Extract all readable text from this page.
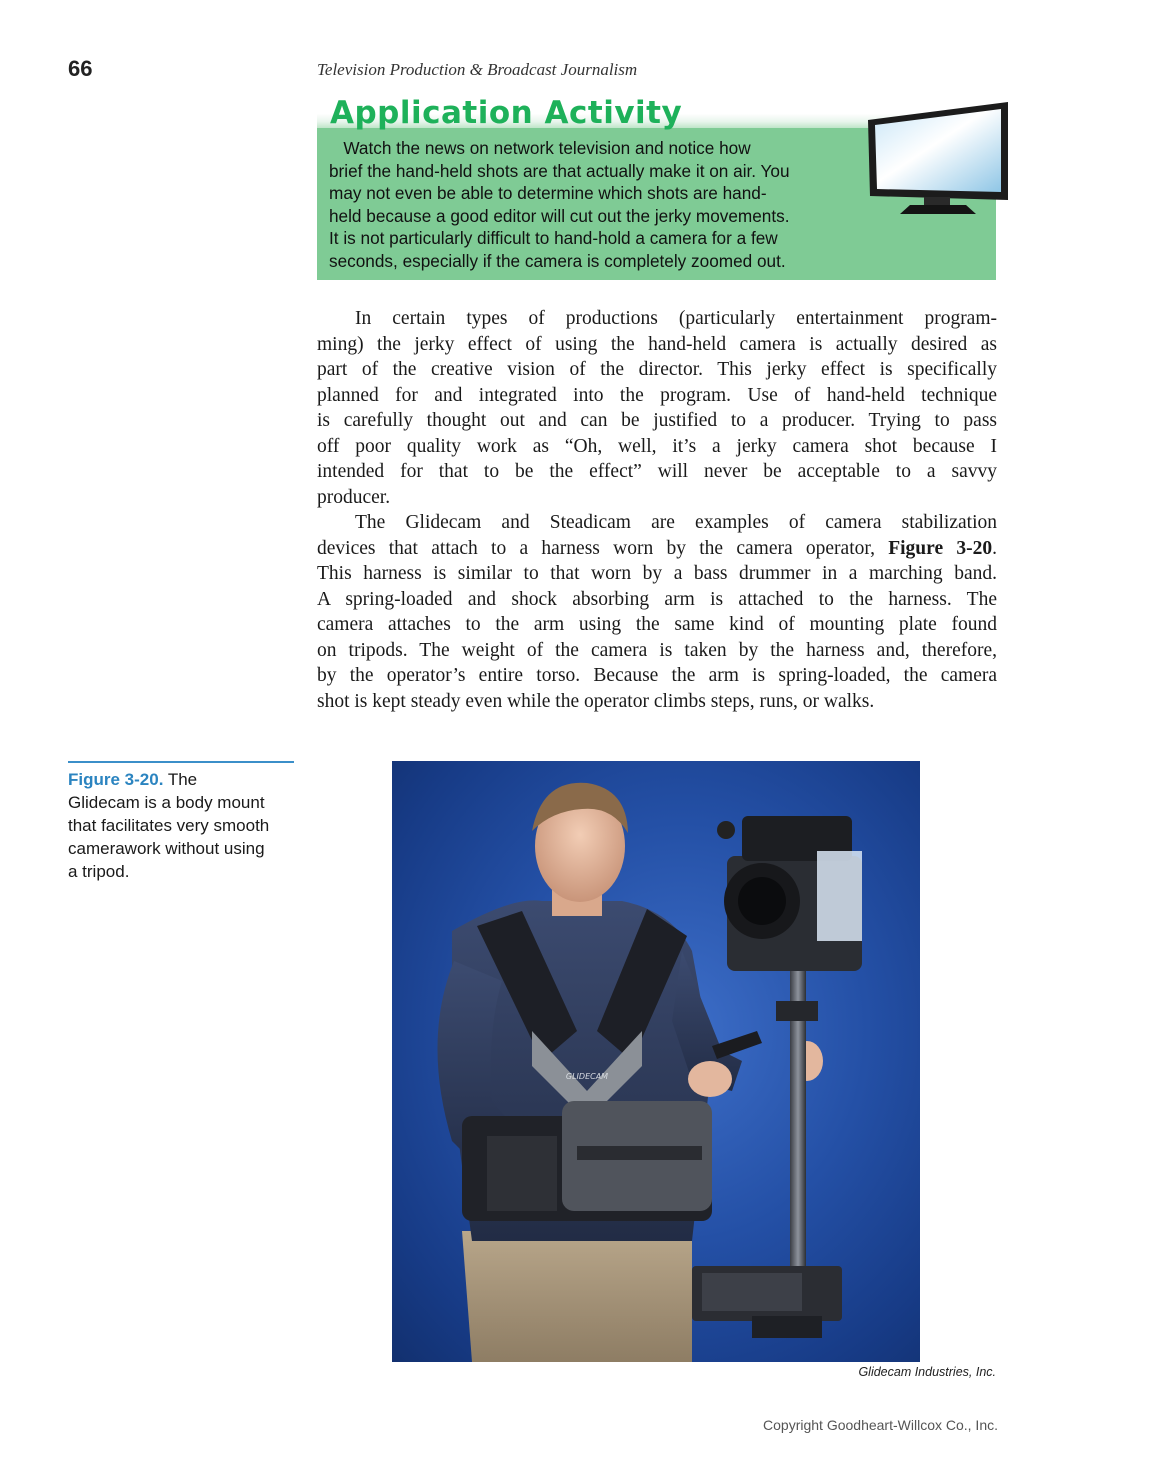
66	Television Production & Broadcast Journalism
Application Activity
Watch the news on network television and notice how
brief the hand-held shots are that actually make it on air. You
may not even be able to determine which shots are hand-
held because a good editor will cut out the jerky movements.
It is not particularly difficult to hand-hold a camera for a few
seconds, especially if the camera is completely zoomed out.
In certain types of productions (particularly entertainment program-
ming) the jerky effect of using the hand-held camera is actually desired as
part of the creative vision of the director. This jerky effect is specifically
planned for and integrated into the program. Use of hand-held technique
is carefully thought out and can be justified to a producer. Trying to pass
off poor quality work as “Oh, well, it’s a jerky camera shot because I
intended for that to be the effect” will never be acceptable to a savvy
producer.
The Glidecam and Steadicam are examples of camera stabilization
devices that attach to a harness worn by the camera operator, Figure 3-20.
This harness is similar to that worn by a bass drummer in a marching band.
A spring-loaded and shock absorbing arm is attached to the harness. The
camera attaches to the arm using the same kind of mounting plate found
on tripods. The weight of the camera is taken by the harness and, therefore,
by the operator’s entire torso. Because the arm is spring-loaded, the camera
shot is kept steady even while the operator climbs steps, runs, or walks.
Figure 3-20. The
Glidecam is a body mount
that facilitates very smooth
camerawork without using
a tripod.
GLIDECAM
Glidecam Industries, Inc.
Copyright Goodheart-Willcox Co., Inc.
